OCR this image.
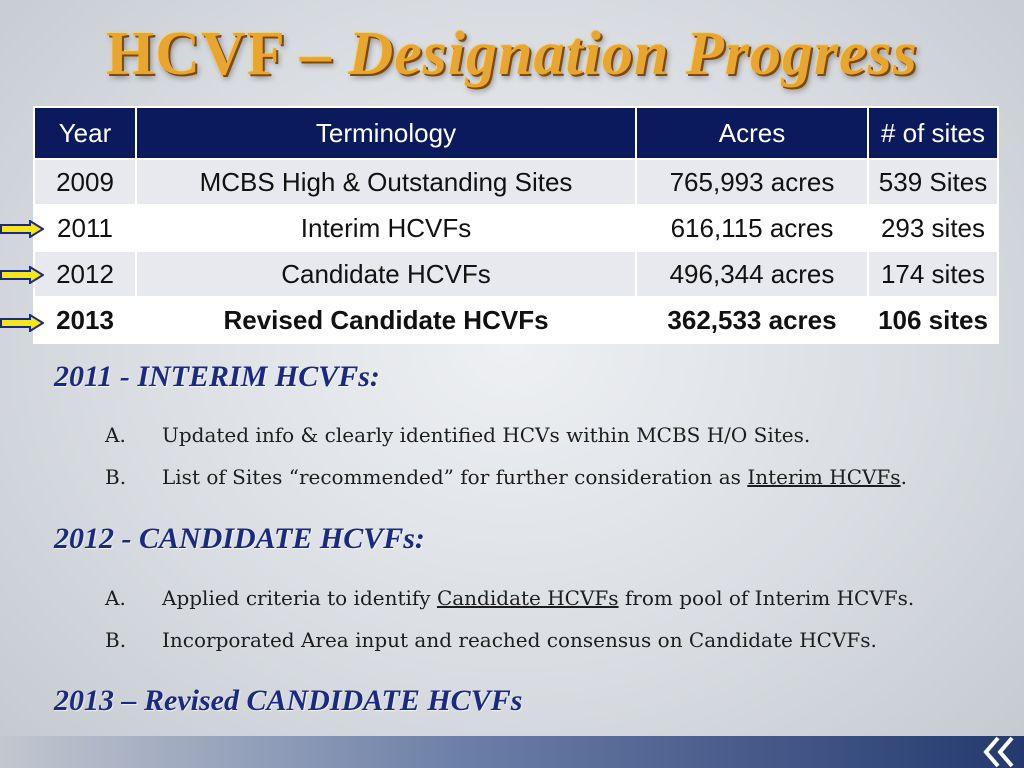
HCVF – Designation Progress
Year	Terminology	Acres	# of sites
2009	MCBS High & Outstanding Sites	765,993 acres	539 Sites
2011	Interim HCVFs	616,115 acres	293 sites
2012	Candidate HCVFs	496,344 acres	174 sites
2013	Revised Candidate HCVFs	362,533 acres	106 sites
2011 - INTERIM HCVFs:
A. Updated info & clearly identified HCVs within MCBS H/O Sites.
B. List of Sites “recommended” for further consideration as Interim HCVFs.
2012 - CANDIDATE HCVFs:
A. Applied criteria to identify Candidate HCVFs from pool of Interim HCVFs.
B. Incorporated Area input and reached consensus on Candidate HCVFs.
2013 – Revised CANDIDATE HCVFs
